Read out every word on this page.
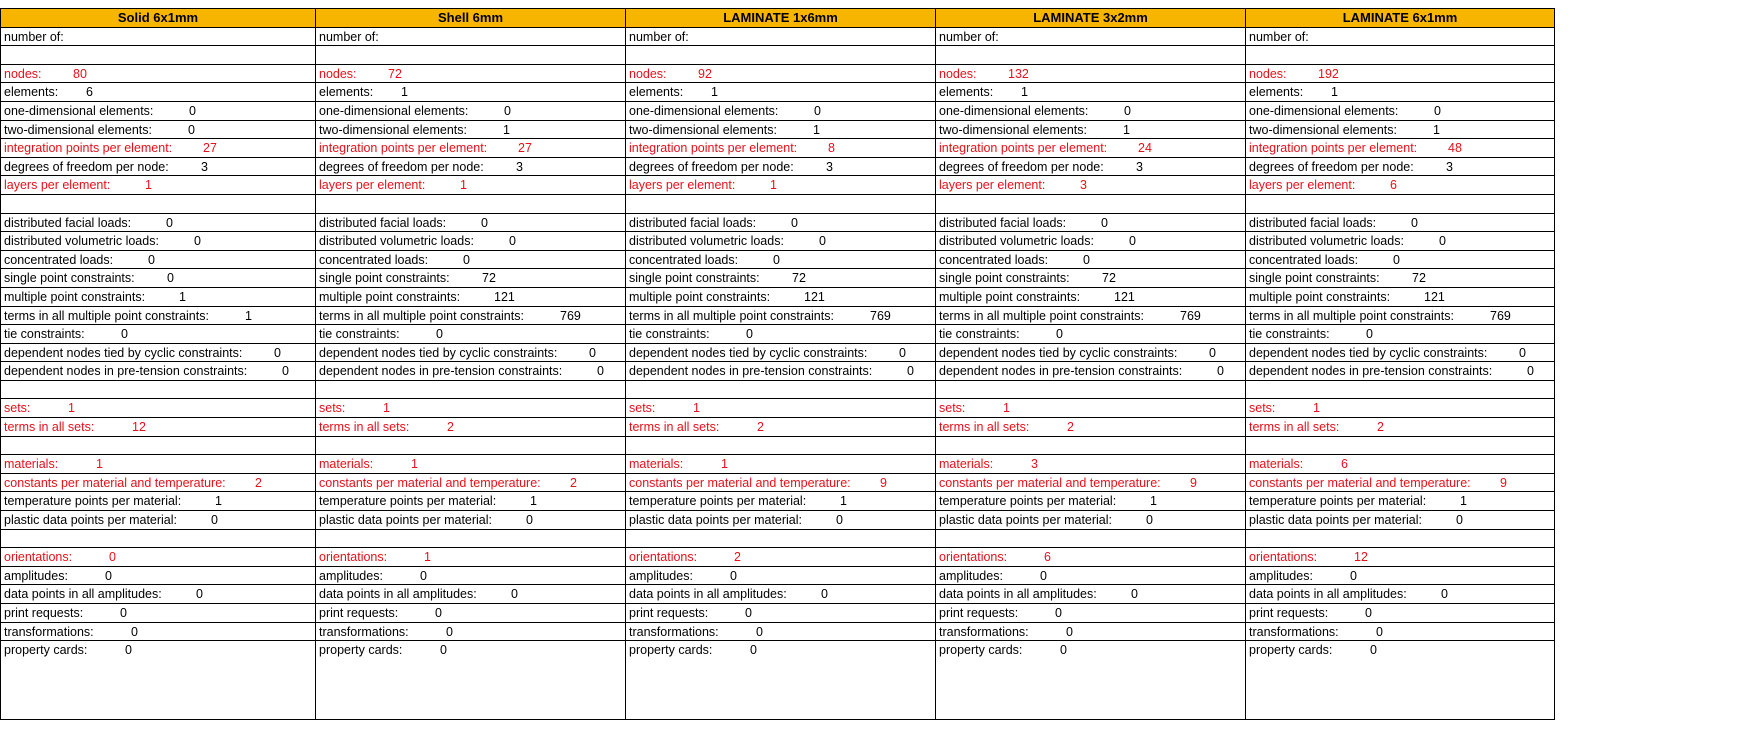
Solid 6x1mm
number of:
nodes:	80
elements: 6
one-dimensional elements:	0
two-dimensional elements:	0
integration points per element: 27
degrees of freedom per node:	3
layers per element:	1
distributed facial loads:	0
distributed volumetric loads:	0
concentrated loads:	0
single point constraints:	0
multiple point constraints:	1
terms in all multiple point constraints:	1
tie constraints:	0
dependent nodes tied by cyclic constraints:	0
dependent nodes in pre-tension constraints:	0
sets:	1
terms in all sets:	12
materials:	1
constants per material and temperature: 2
temperature points per material:	1
plastic data points per material:	0
orientations:	0
amplitudes:	0
data points in all amplitudes:	0
print requests:	0
transformations:	0
property cards:	0
Shell 6mm
number of:
nodes:	72
elements: 1
one-dimensional elements:	0
two-dimensional elements:	1
integration points per element: 27
degrees of freedom per node:	3
layers per element:	1
distributed facial loads:	0
distributed volumetric loads:	0
concentrated loads:	0
single point constraints:	72
multiple point constraints:	121
terms in all multiple point constraints:	769
tie constraints:	0
dependent nodes tied by cyclic constraints:	0
dependent nodes in pre-tension constraints:	0
sets:	1
terms in all sets:	2
materials:	1
constants per material and temperature: 2
temperature points per material:	1
plastic data points per material:	0
orientations:	1
amplitudes:	0
data points in all amplitudes:	0
print requests:	0
transformations:	0
property cards:	0
LAMINATE 1x6mm
number of:
nodes:	92
elements: 1
one-dimensional elements:	0
two-dimensional elements:	1
integration points per element: 8
degrees of freedom per node:	3
layers per element:	1
distributed facial loads:	0
distributed volumetric loads:	0
concentrated loads:	0
single point constraints:	72
multiple point constraints:	121
terms in all multiple point constraints:	769
tie constraints:	0
dependent nodes tied by cyclic constraints:	0
dependent nodes in pre-tension constraints:	0
sets:	1
terms in all sets:	2
materials:	1
constants per material and temperature: 9
temperature points per material:	1
plastic data points per material:	0
orientations:	2
amplitudes:	0
data points in all amplitudes:	0
print requests:	0
transformations:	0
property cards:	0
LAMINATE 3x2mm
number of:
nodes:	132
elements: 1
one-dimensional elements:	0
two-dimensional elements:	1
integration points per element: 24
degrees of freedom per node:	3
layers per element:	3
distributed facial loads:	0
distributed volumetric loads:	0
concentrated loads:	0
single point constraints:	72
multiple point constraints:	121
terms in all multiple point constraints:	769
tie constraints:	0
dependent nodes tied by cyclic constraints:	0
dependent nodes in pre-tension constraints:	0
sets:	1
terms in all sets:	2
materials:	3
constants per material and temperature: 9
temperature points per material:	1
plastic data points per material:	0
orientations:	6
amplitudes:	0
data points in all amplitudes:	0
print requests:	0
transformations:	0
property cards:	0
LAMINATE 6x1mm
number of:
nodes:	192
elements: 1
one-dimensional elements:	0
two-dimensional elements:	1
integration points per element: 48
degrees of freedom per node:	3
layers per element:	6
distributed facial loads:	0
distributed volumetric loads:	0
concentrated loads:	0
single point constraints:	72
multiple point constraints:	121
terms in all multiple point constraints:	769
tie constraints:	0
dependent nodes tied by cyclic constraints:	0
dependent nodes in pre-tension constraints:	0
sets:	1
terms in all sets:	2
materials:	6
constants per material and temperature: 9
temperature points per material:	1
plastic data points per material:	0
orientations:	12
amplitudes:	0
data points in all amplitudes:	0
print requests:	0
transformations:	0
property cards:	0
